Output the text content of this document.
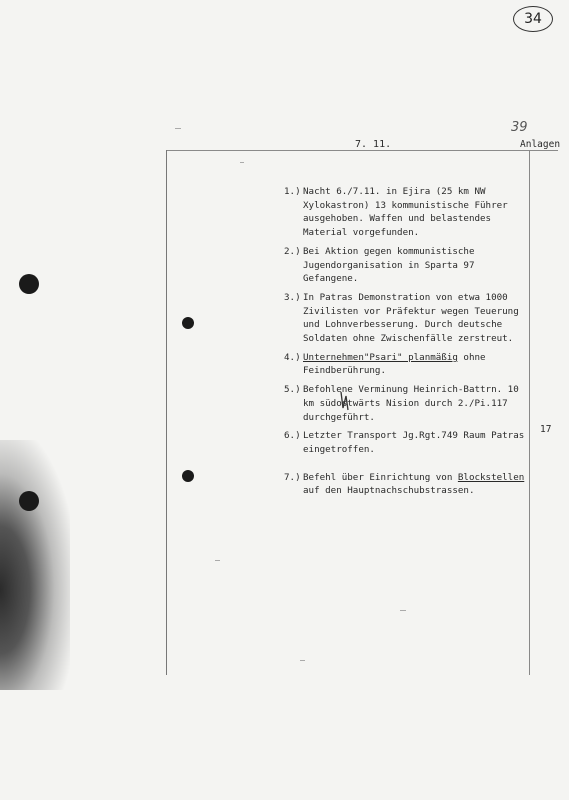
34
39
7. 11.	Anlagen
1.) Nacht 6./7.11. in Ejira (25 km NW Xylokastron) 13 kommunistische Führer ausgehoben. Waffen und belastendes Material vorgefunden.
2.) Bei Aktion gegen kommunistische Jugendorganisation in Sparta 97 Gefangene.
3.) In Patras Demonstration von etwa 1000 Zivilisten vor Präfektur wegen Teuerung und Lohnverbesserung. Durch deutsche Soldaten ohne Zwischenfälle zerstreut.
4.) Unternehmen"Psari" planmäßig ohne Feindberührung.
5.) Befohlene Verminung Heinrich-Battrn. 10 km südostwärts Nision durch 2./Pi.117 durchgeführt.
6.) Letzter Transport Jg.Rgt.749 Raum Patras eingetroffen.
7.) Befehl über Einrichtung von Blockstellen auf den Hauptnachschubstrassen.
17
